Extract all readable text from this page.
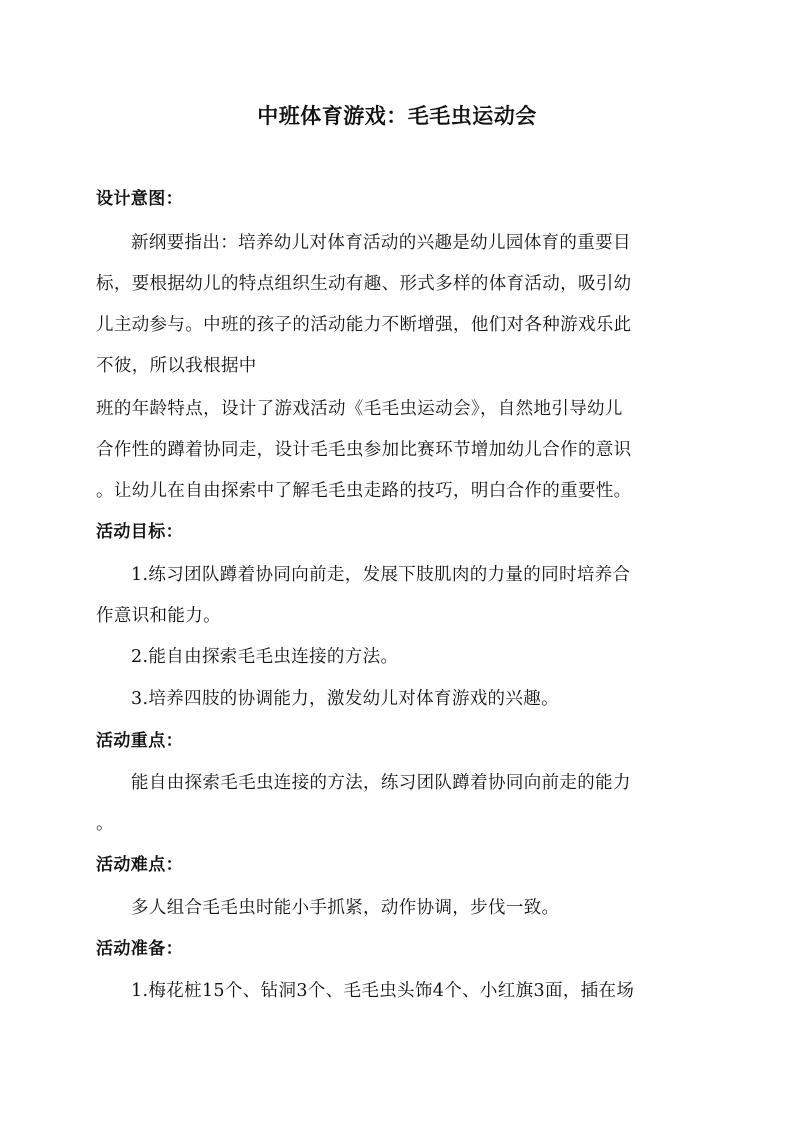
中班体育游戏：毛毛虫运动会
设计意图：
新纲要指出：培养幼儿对体育活动的兴趣是幼儿园体育的重要目
标，要根据幼儿的特点组织生动有趣、形式多样的体育活动，吸引幼
儿主动参与。中班的孩子的活动能力不断增强，他们对各种游戏乐此
不彼，所以我根据中
班的年龄特点，设计了游戏活动《毛毛虫运动会》，自然地引导幼儿
合作性的蹲着协同走，设计毛毛虫参加比赛环节增加幼儿合作的意识
。让幼儿在自由探索中了解毛毛虫走路的技巧，明白合作的重要性。
活动目标：
1.练习团队蹲着协同向前走，发展下肢肌肉的力量的同时培养合
作意识和能力。
2.能自由探索毛毛虫连接的方法。
3.培养四肢的协调能力，激发幼儿对体育游戏的兴趣。
活动重点：
能自由探索毛毛虫连接的方法，练习团队蹲着协同向前走的能力
。
活动难点：
多人组合毛毛虫时能小手抓紧，动作协调，步伐一致。
活动准备：
1.梅花桩15个、钻洞3个、毛毛虫头饰4个、小红旗3面，插在场
